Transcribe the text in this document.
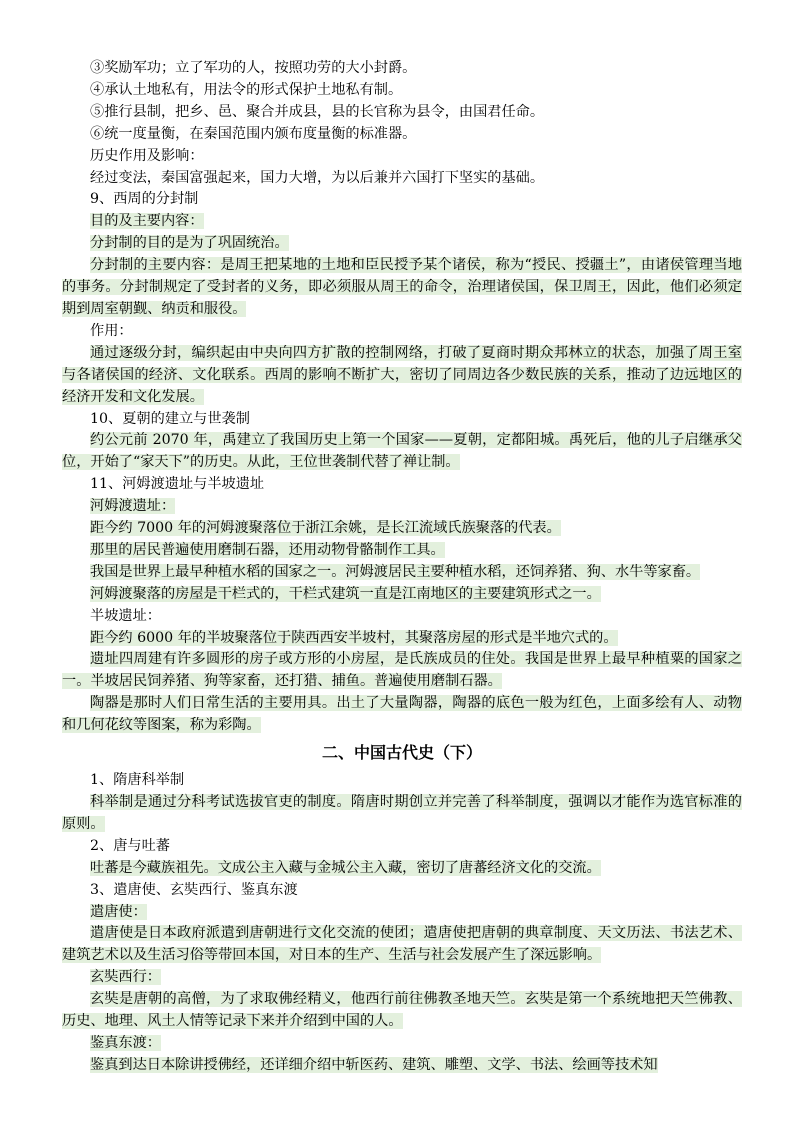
③奖励军功；立了军功的人，按照功劳的大小封爵。

④承认土地私有，用法令的形式保护土地私有制。

⑤推行县制，把乡、邑、聚合并成县，县的长官称为县令，由国君任命。

⑥统一度量衡，在秦国范围内颁布度量衡的标准器。

历史作用及影响：

经过变法，秦国富强起来，国力大增，为以后兼并六国打下坚实的基础。

9、西周的分封制

目的及主要内容：

分封制的目的是为了巩固统治。

分封制的主要内容：是周王把某地的土地和臣民授予某个诸侯，称为“授民、授疆土”，由诸侯管理当地的事务。分封制规定了受封者的义务，即必须服从周王的命令，治理诸侯国，保卫周王，因此，他们必须定期到周室朝觐、纳贡和服役。

作用：

通过逐级分封，编织起由中央向四方扩散的控制网络，打破了夏商时期众邦林立的状态，加强了周王室与各诸侯国的经济、文化联系。西周的影响不断扩大，密切了同周边各少数民族的关系，推动了边远地区的经济开发和文化发展。

10、夏朝的建立与世袭制

约公元前 2070 年，禹建立了我国历史上第一个国家——夏朝，定都阳城。禹死后，他的儿子启继承父位，开始了“家天下”的历史。从此，王位世袭制代替了禅让制。

11、河姆渡遗址与半坡遗址

河姆渡遗址：

距今约 7000 年的河姆渡聚落位于浙江余姚，是长江流域氏族聚落的代表。

那里的居民普遍使用磨制石器，还用动物骨骼制作工具。

我国是世界上最早种植水稻的国家之一。河姆渡居民主要种植水稻，还饲养猪、狗、水牛等家畜。

河姆渡聚落的房屋是干栏式的，干栏式建筑一直是江南地区的主要建筑形式之一。

半坡遗址：

距今约 6000 年的半坡聚落位于陕西西安半坡村，其聚落房屋的形式是半地穴式的。

遗址四周建有许多圆形的房子或方形的小房屋，是氏族成员的住处。我国是世界上最早种植粟的国家之一。半坡居民饲养猪、狗等家畜，还打猎、捕鱼。普遍使用磨制石器。

陶器是那时人们日常生活的主要用具。出土了大量陶器，陶器的底色一般为红色，上面多绘有人、动物和几何花纹等图案，称为彩陶。

二、中国古代史（下）

1、隋唐科举制

科举制是通过分科考试选拔官吏的制度。隋唐时期创立并完善了科举制度，强调以才能作为选官标准的原则。

2、唐与吐蕃

吐蕃是今藏族祖先。文成公主入藏与金城公主入藏，密切了唐蕃经济文化的交流。

3、遣唐使、玄奘西行、鉴真东渡

遣唐使：

遣唐使是日本政府派遣到唐朝进行文化交流的使团；遣唐使把唐朝的典章制度、天文历法、书法艺术、建筑艺术以及生活习俗等带回本国，对日本的生产、生活与社会发展产生了深远影响。

玄奘西行：

玄奘是唐朝的高僧，为了求取佛经精义，他西行前往佛教圣地天竺。玄奘是第一个系统地把天竺佛教、历史、地理、风土人情等记录下来并介绍到中国的人。

鉴真东渡：

鉴真到达日本除讲授佛经，还详细介绍中斩医药、建筑、雕塑、文学、书法、绘画等技术知
